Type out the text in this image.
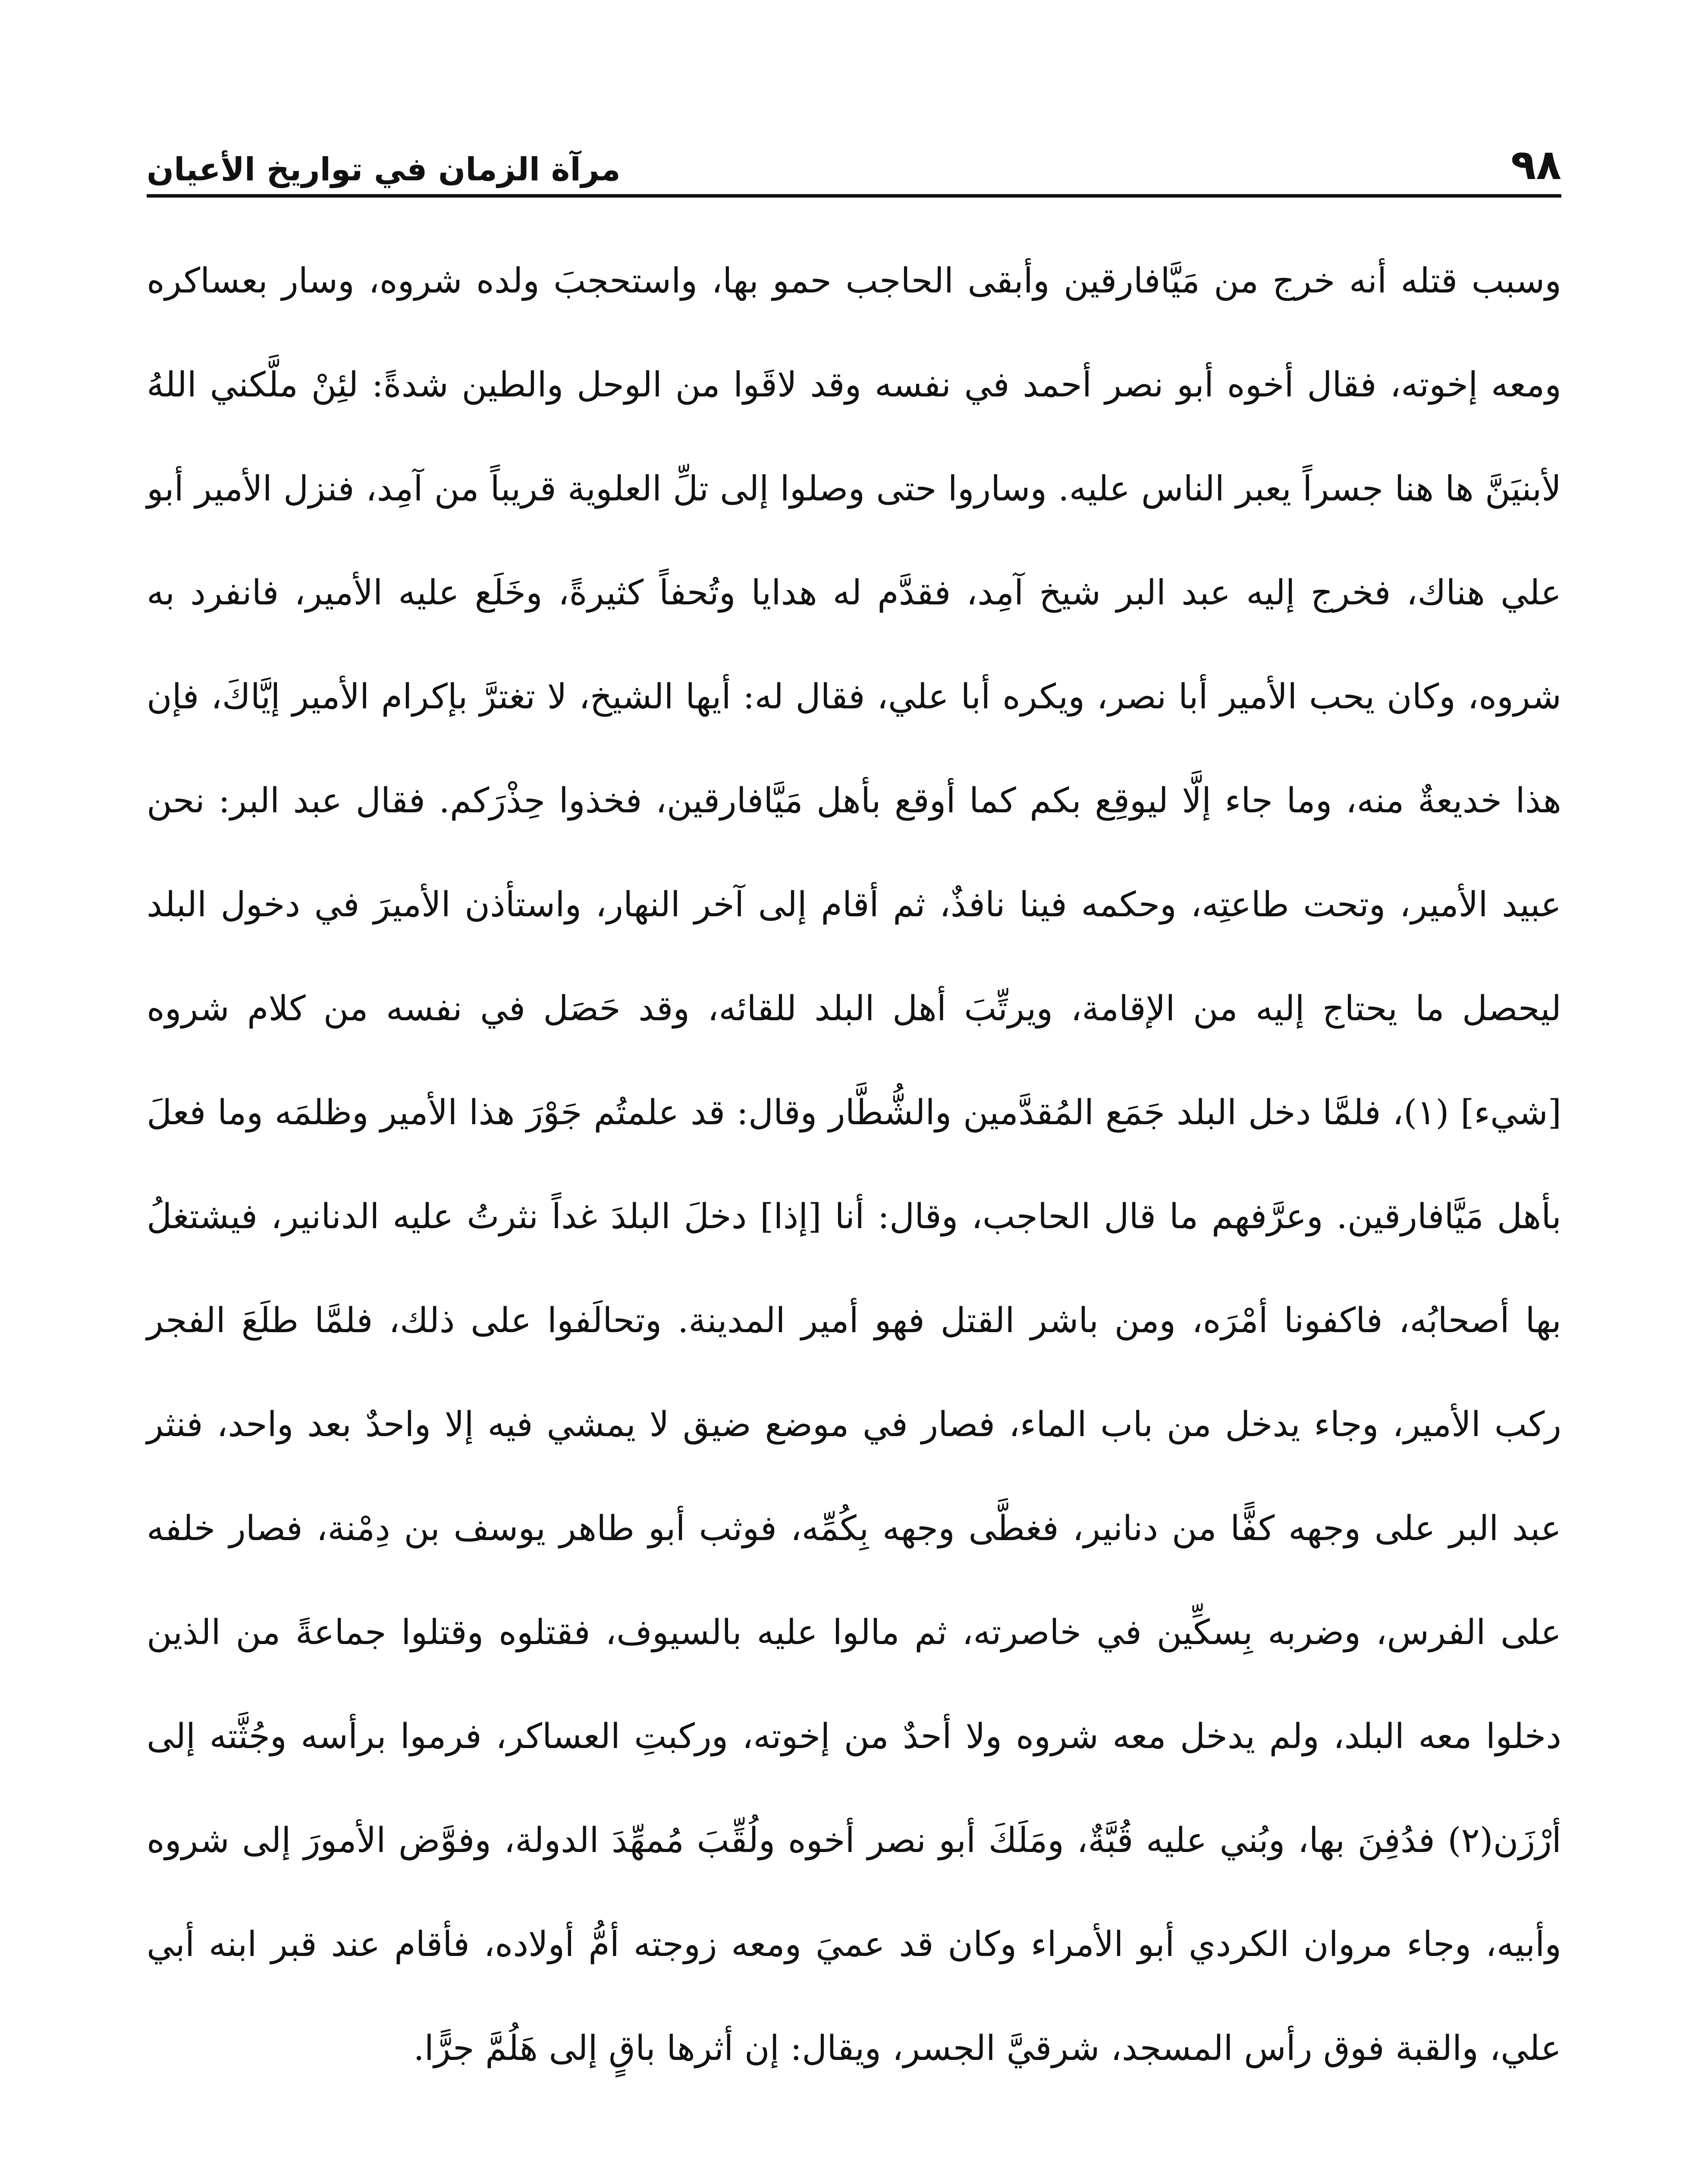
٩٨
مرآة الزمان في تواريخ الأعيان

وسبب قتله أنه خرج من مَيَّافارقين وأبقى الحاجب حمو بها، واستحجبَ ولده شروه، وسار بعساكره ومعه إخوته، فقال أخوه أبو نصر أحمد في نفسه وقد لاقَوا من الوحل والطين شدةً: لئِنْ ملَّكني اللهُ لأبنيَنَّ ها هنا جسراً يعبر الناس عليه. وساروا حتى وصلوا إلى تلِّ العلوية قريباً من آمِد، فنزل الأمير أبو علي هناك، فخرج إليه عبد البر شيخ آمِد، فقدَّم له هدايا وتُحفاً كثيرةً، وخَلَع عليه الأمير، فانفرد به شروه، وكان يحب الأمير أبا نصر، ويكره أبا علي، فقال له: أيها الشيخ، لا تغترَّ بإكرام الأمير إيَّاكَ، فإن هذا خديعةٌ منه، وما جاء إلَّا ليوقِع بكم كما أوقع بأهل مَيَّافارقين، فخذوا حِذْرَكم. فقال عبد البر: نحن عبيد الأمير، وتحت طاعتِه، وحكمه فينا نافذٌ، ثم أقام إلى آخر النهار، واستأذن الأميرَ في دخول البلد ليحصل ما يحتاج إليه من الإقامة، ويرتِّبَ أهل البلد للقائه، وقد حَصَل في نفسه من كلام شروه [شيء] (١)، فلمَّا دخل البلد جَمَع المُقدَّمين والشُّطَّار وقال: قد علمتُم جَوْرَ هذا الأمير وظلمَه وما فعلَ بأهل مَيَّافارقين. وعرَّفهم ما قال الحاجب، وقال: أنا [إذا] دخلَ البلدَ غداً نثرتُ عليه الدنانير، فيشتغلُ بها أصحابُه، فاكفونا أمْرَه، ومن باشر القتل فهو أمير المدينة. وتحالَفوا على ذلك، فلمَّا طلَعَ الفجر ركب الأمير، وجاء يدخل من باب الماء، فصار في موضع ضيق لا يمشي فيه إلا واحدٌ بعد واحد، فنثر عبد البر على وجهه كفًّا من دنانير، فغطَّى وجهه بِكُمِّه، فوثب أبو طاهر يوسف بن دِمْنة، فصار خلفه على الفرس، وضربه بِسكِّين في خاصرته، ثم مالوا عليه بالسيوف، فقتلوه وقتلوا جماعةً من الذين دخلوا معه البلد، ولم يدخل معه شروه ولا أحدٌ من إخوته، وركبتِ العساكر، فرموا برأسه وجُثَّته إلى أرْزَن(٢) فدُفِنَ بها، وبُني عليه قُبَّةٌ، ومَلَكَ أبو نصر أخوه ولُقِّبَ مُمهِّدَ الدولة، وفوَّض الأمورَ إلى شروه وأبيه، وجاء مروان الكردي أبو الأمراء وكان قد عميَ ومعه زوجته أمُّ أولاده، فأقام عند قبر ابنه أبي علي، والقبة فوق رأس المسجد، شرقيَّ الجسر، ويقال: إن أثرها باقٍ إلى هَلُمَّ جرًّا.
